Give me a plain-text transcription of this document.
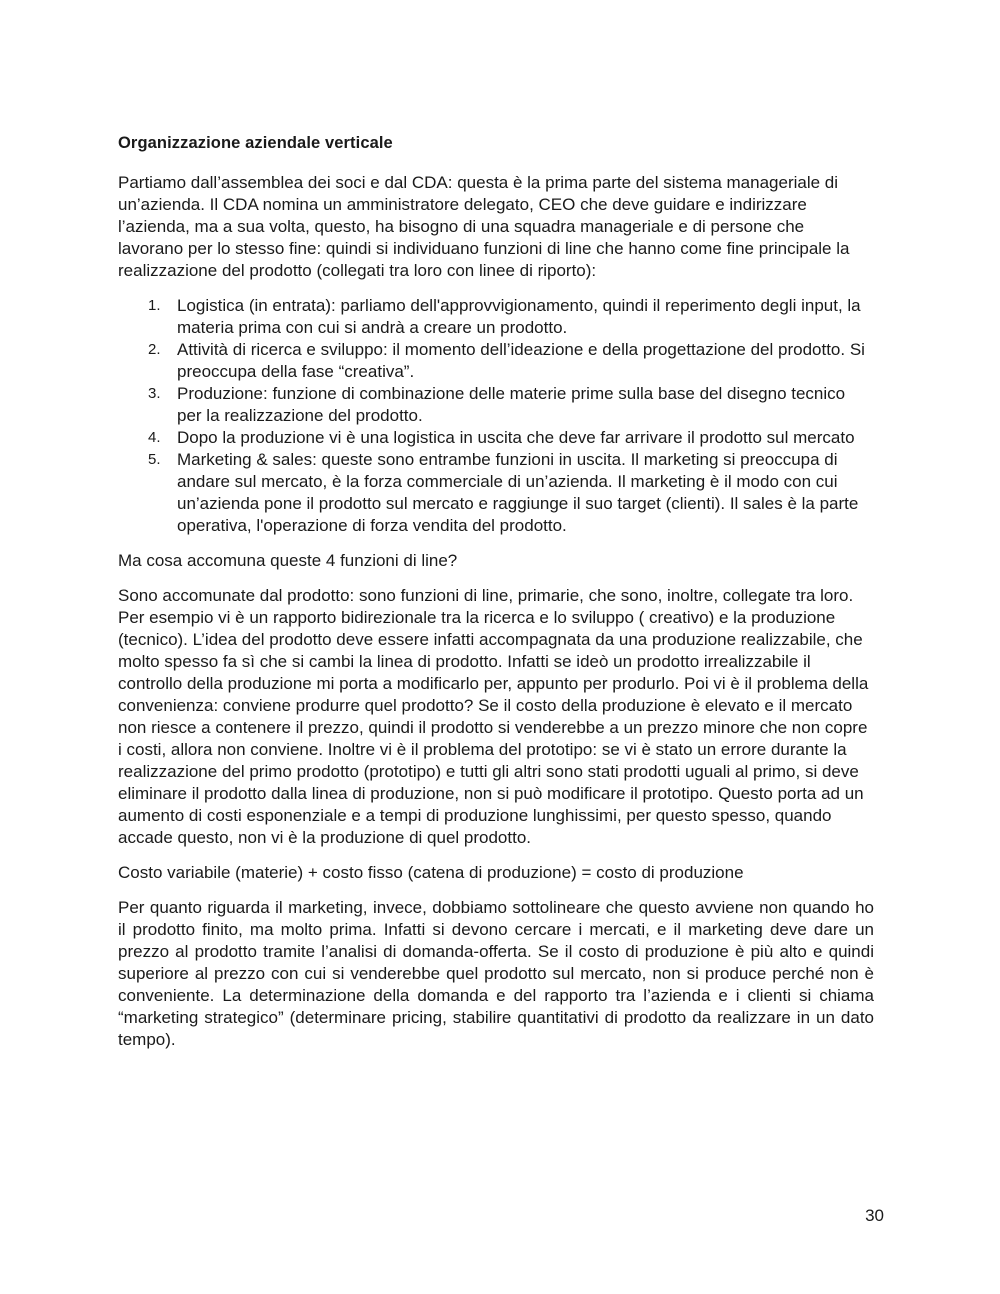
Organizzazione aziendale verticale

Partiamo dall’assemblea dei soci e dal CDA: questa è la prima parte del sistema manageriale di un’azienda. Il CDA nomina un amministratore delegato, CEO che deve guidare e indirizzare l’azienda, ma a sua volta, questo, ha bisogno di una squadra manageriale e di persone che lavorano per lo stesso fine: quindi si individuano funzioni di line che hanno come fine principale la realizzazione del prodotto (collegati tra loro con linee di riporto):

1. Logistica (in entrata): parliamo dell'approvvigionamento, quindi il reperimento degli input, la materia prima con cui si andrà a creare un prodotto.
2. Attività di ricerca e sviluppo: il momento dell’ideazione e della progettazione del prodotto. Si preoccupa della fase “creativa”.
3. Produzione: funzione di combinazione delle materie prime sulla base del disegno tecnico per la realizzazione del prodotto.
4. Dopo la produzione vi è una logistica in uscita che deve far arrivare il prodotto sul mercato
5. Marketing & sales: queste sono entrambe funzioni in uscita. Il marketing si preoccupa di andare sul mercato, è la forza commerciale di un’azienda. Il marketing è il modo con cui un’azienda pone il prodotto sul mercato e raggiunge il suo target (clienti). Il sales è la parte operativa, l'operazione di forza vendita del prodotto.

Ma cosa accomuna queste 4 funzioni di line?

Sono accomunate dal prodotto: sono funzioni di line, primarie, che sono, inoltre, collegate tra loro. Per esempio vi è un rapporto bidirezionale tra la ricerca e lo sviluppo ( creativo) e la produzione (tecnico). L’idea del prodotto deve essere infatti accompagnata da una produzione realizzabile, che molto spesso fa sì che si cambi la linea di prodotto. Infatti se ideò un prodotto irrealizzabile il controllo della produzione mi porta a modificarlo per, appunto per produrlo. Poi vi è il problema della convenienza: conviene produrre quel prodotto? Se il costo della produzione è elevato e il mercato non riesce a contenere il prezzo, quindi il prodotto si venderebbe a un prezzo minore che non copre i costi, allora non conviene. Inoltre vi è il problema del prototipo: se vi è stato un errore durante la realizzazione del primo prodotto (prototipo) e tutti gli altri sono stati prodotti uguali al primo, si deve eliminare il prodotto dalla linea di produzione, non si può modificare il prototipo. Questo porta ad un aumento di costi esponenziale e a tempi di produzione lunghissimi, per questo spesso, quando accade questo, non vi è la produzione di quel prodotto.

Costo variabile (materie) + costo fisso (catena di produzione) = costo di produzione

Per quanto riguarda il marketing, invece, dobbiamo sottolineare che questo avviene non quando ho il prodotto finito, ma molto prima. Infatti si devono cercare i mercati, e il marketing deve dare un prezzo al prodotto tramite l’analisi di domanda-offerta. Se il costo di produzione è più alto e quindi superiore al prezzo con cui si venderebbe quel prodotto sul mercato, non si produce perché non è conveniente. La determinazione della domanda e del rapporto tra l’azienda e i clienti si chiama “marketing strategico” (determinare pricing, stabilire quantitativi di prodotto da realizzare in un dato tempo).

30
